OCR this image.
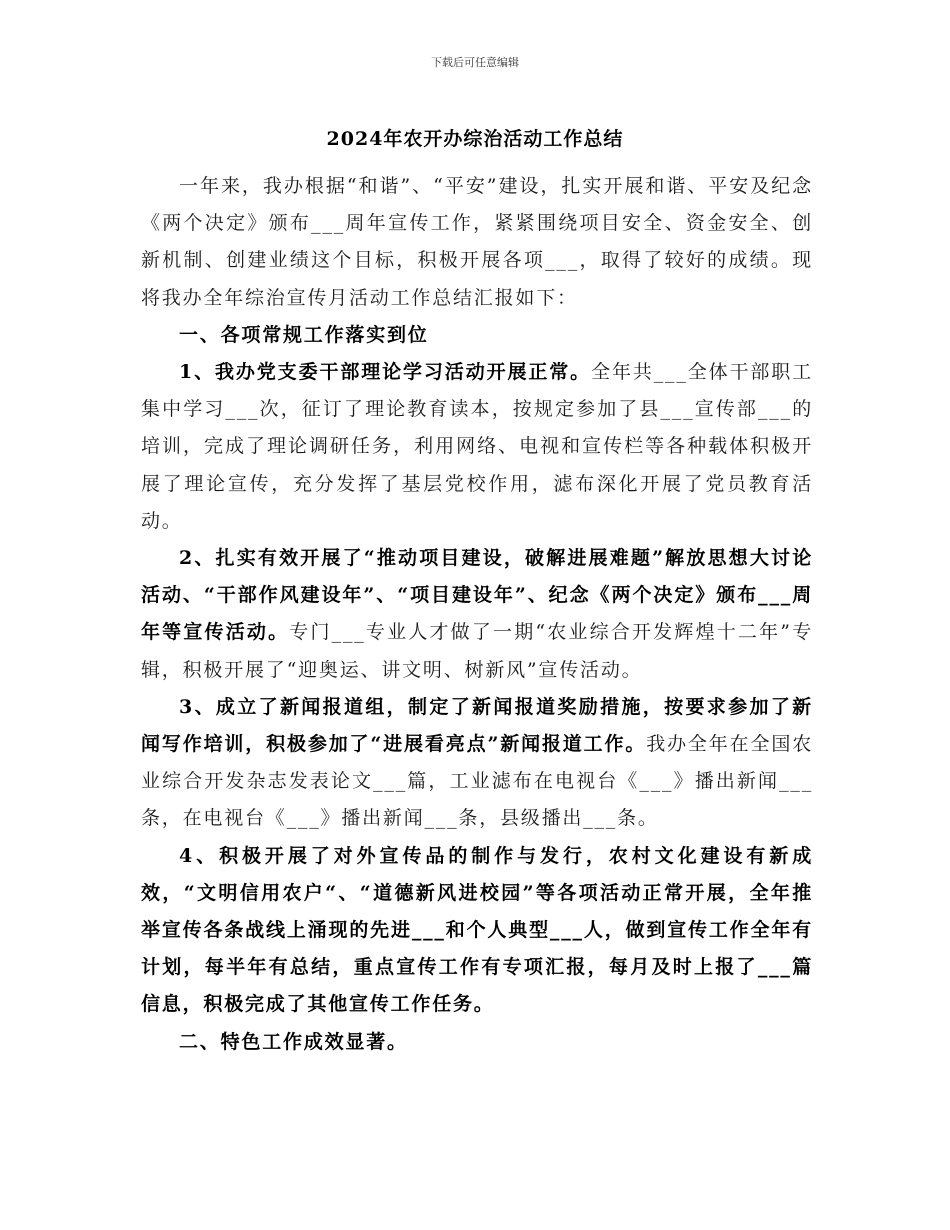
下载后可任意编辑
2024年农开办综治活动工作总结

一年来，我办根据“和谐”、“平安”建设，扎实开展和谐、平安及纪念《两个决定》颁布___周年宣传工作，紧紧围绕项目安全、资金安全、创新机制、创建业绩这个目标，积极开展各项___，取得了较好的成绩。现将我办全年综治宣传月活动工作总结汇报如下：

一、各项常规工作落实到位

1、我办党支委干部理论学习活动开展正常。全年共___全体干部职工集中学习___次，征订了理论教育读本，按规定参加了县___宣传部___的培训，完成了理论调研任务，利用网络、电视和宣传栏等各种载体积极开展了理论宣传，充分发挥了基层党校作用，滤布深化开展了党员教育活动。

2、扎实有效开展了“推动项目建设，破解进展难题”解放思想大讨论活动、“干部作风建设年”、“项目建设年”、纪念《两个决定》颁布___周年等宣传活动。专门___专业人才做了一期“农业综合开发辉煌十二年”专辑，积极开展了“迎奥运、讲文明、树新风”宣传活动。

3、成立了新闻报道组，制定了新闻报道奖励措施，按要求参加了新闻写作培训，积极参加了“进展看亮点”新闻报道工作。我办全年在全国农业综合开发杂志发表论文___篇，工业滤布在电视台《___》播出新闻___条，在电视台《___》播出新闻___条，县级播出___条。

4、积极开展了对外宣传品的制作与发行，农村文化建设有新成效，“文明信用农户“、“道德新风进校园”等各项活动正常开展，全年推举宣传各条战线上涌现的先进___和个人典型___人，做到宣传工作全年有计划，每半年有总结，重点宣传工作有专项汇报，每月及时上报了___篇信息，积极完成了其他宣传工作任务。

二、特色工作成效显著。
